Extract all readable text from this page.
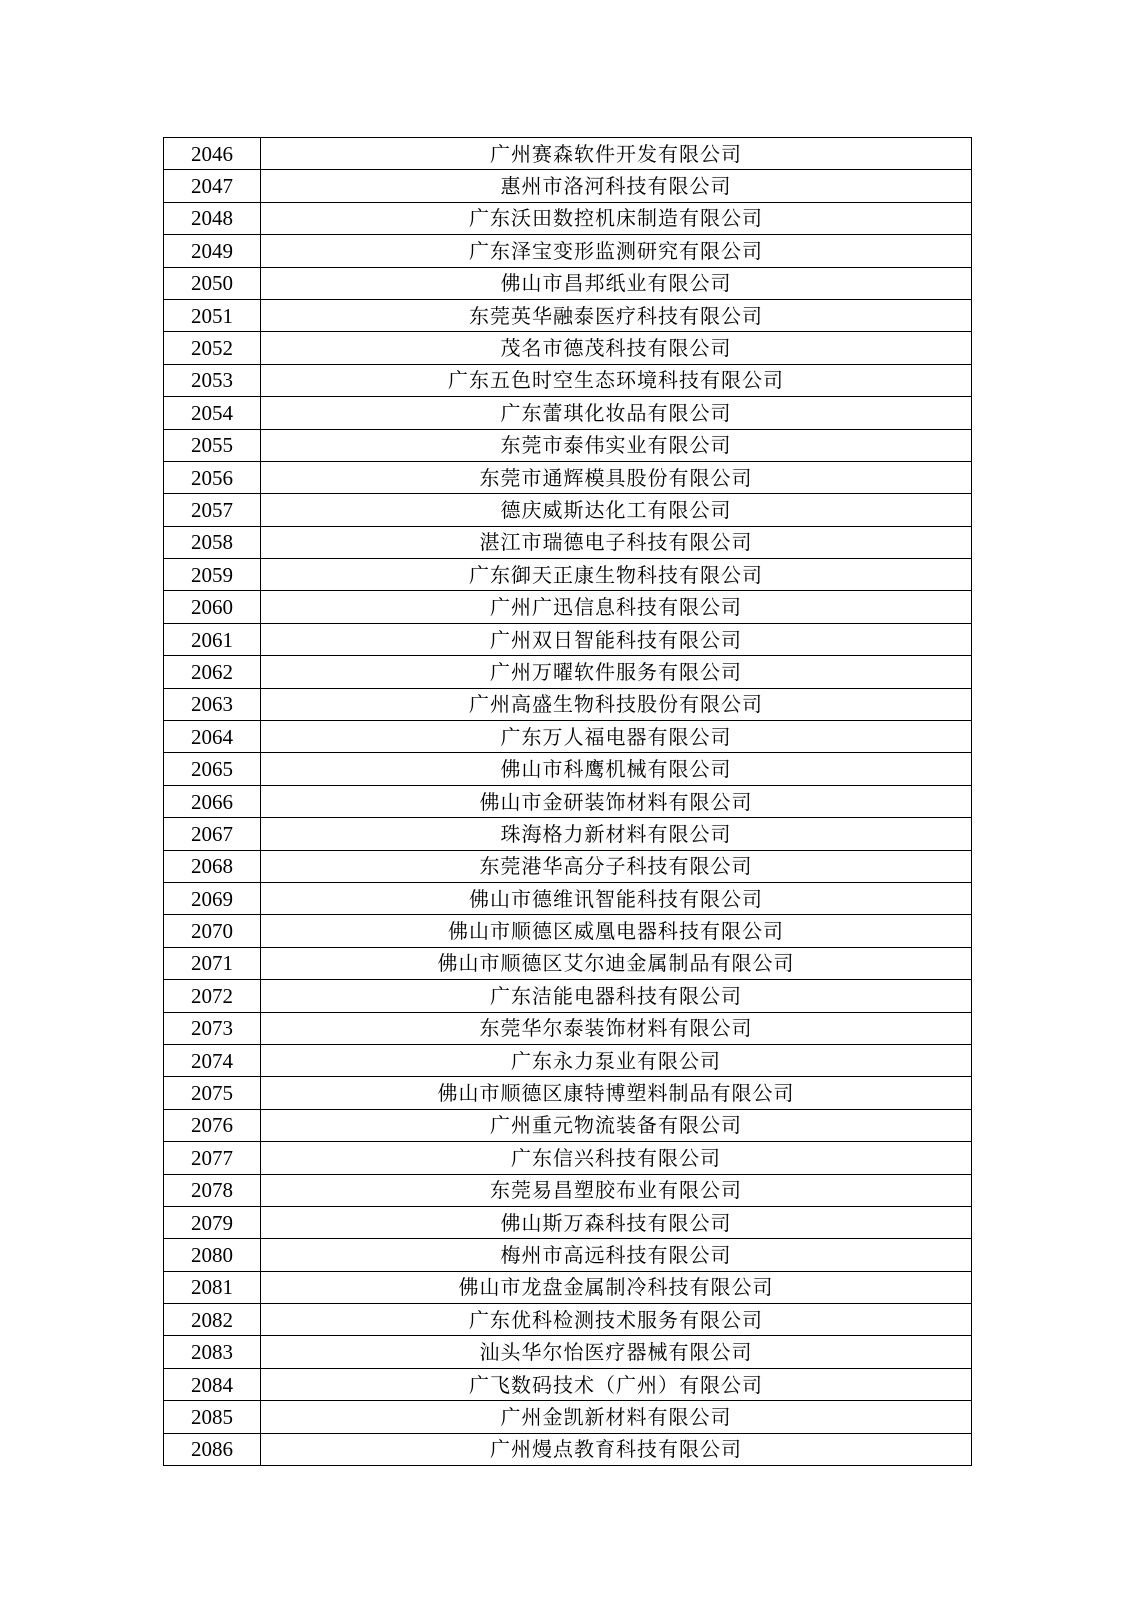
2046	广州赛森软件开发有限公司
2047	惠州市洛河科技有限公司
2048	广东沃田数控机床制造有限公司
2049	广东泽宝变形监测研究有限公司
2050	佛山市昌邦纸业有限公司
2051	东莞英华融泰医疗科技有限公司
2052	茂名市德茂科技有限公司
2053	广东五色时空生态环境科技有限公司
2054	广东蕾琪化妆品有限公司
2055	东莞市泰伟实业有限公司
2056	东莞市通辉模具股份有限公司
2057	德庆威斯达化工有限公司
2058	湛江市瑞德电子科技有限公司
2059	广东御天正康生物科技有限公司
2060	广州广迅信息科技有限公司
2061	广州双日智能科技有限公司
2062	广州万曜软件服务有限公司
2063	广州高盛生物科技股份有限公司
2064	广东万人福电器有限公司
2065	佛山市科鹰机械有限公司
2066	佛山市金研装饰材料有限公司
2067	珠海格力新材料有限公司
2068	东莞港华高分子科技有限公司
2069	佛山市德维讯智能科技有限公司
2070	佛山市顺德区威凰电器科技有限公司
2071	佛山市顺德区艾尔迪金属制品有限公司
2072	广东洁能电器科技有限公司
2073	东莞华尔泰装饰材料有限公司
2074	广东永力泵业有限公司
2075	佛山市顺德区康特博塑料制品有限公司
2076	广州重元物流装备有限公司
2077	广东信兴科技有限公司
2078	东莞易昌塑胶布业有限公司
2079	佛山斯万森科技有限公司
2080	梅州市高远科技有限公司
2081	佛山市龙盘金属制冷科技有限公司
2082	广东优科检测技术服务有限公司
2083	汕头华尔怡医疗器械有限公司
2084	广飞数码技术（广州）有限公司
2085	广州金凯新材料有限公司
2086	广州熳点教育科技有限公司
